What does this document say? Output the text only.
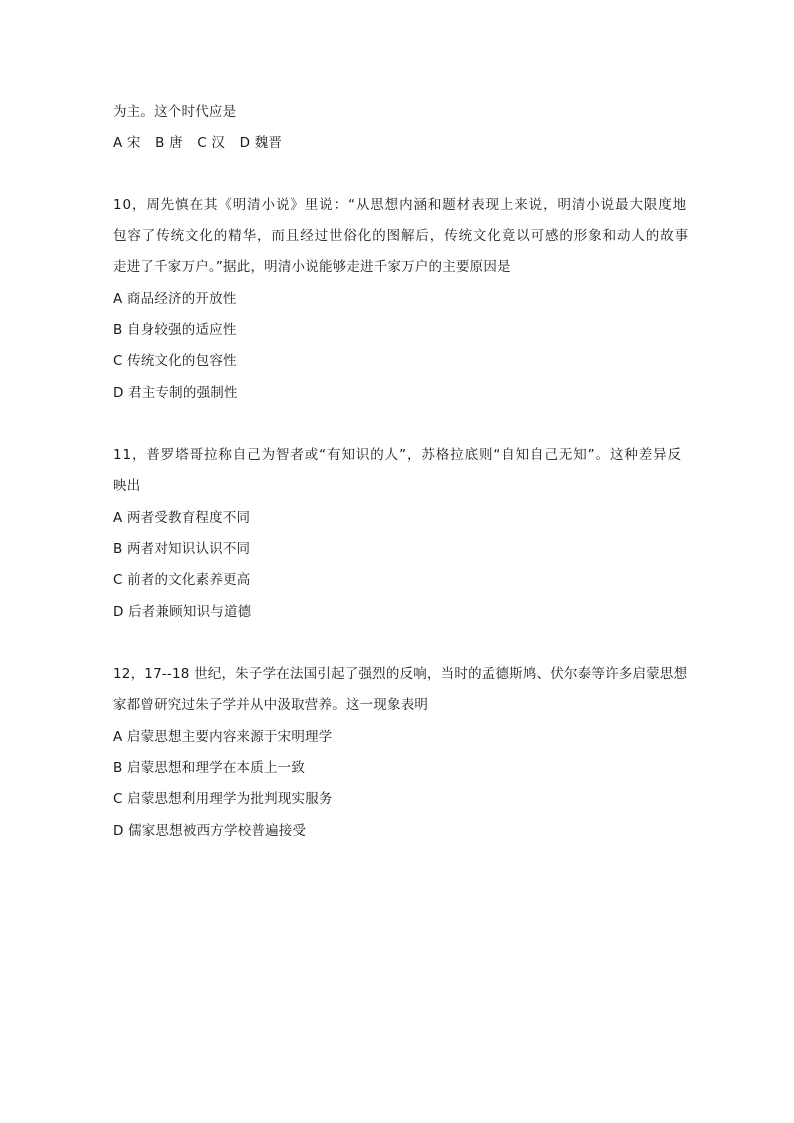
为主。这个时代应是
A 宋 B 唐 C 汉 D 魏晋
10，周先慎在其《明清小说》里说：“从思想内涵和题材表现上来说，明清小说最大限度地
包容了传统文化的精华，而且经过世俗化的图解后，传统文化竟以可感的形象和动人的故事
走进了千家万户。”据此，明清小说能够走进千家万户的主要原因是
A 商品经济的开放性
B 自身较强的适应性
C 传统文化的包容性
D 君主专制的强制性
11，普罗塔哥拉称自己为智者或“有知识的人”，苏格拉底则“自知自己无知”。这种差异反
映出
A 两者受教育程度不同
B 两者对知识认识不同
C 前者的文化素养更高
D 后者兼顾知识与道德
12，17--18 世纪，朱子学在法国引起了强烈的反响，当时的孟德斯鸠、伏尔泰等许多启蒙思想
家都曾研究过朱子学并从中汲取营养。这一现象表明
A 启蒙思想主要内容来源于宋明理学
B 启蒙思想和理学在本质上一致
C 启蒙思想利用理学为批判现实服务
D 儒家思想被西方学校普遍接受
